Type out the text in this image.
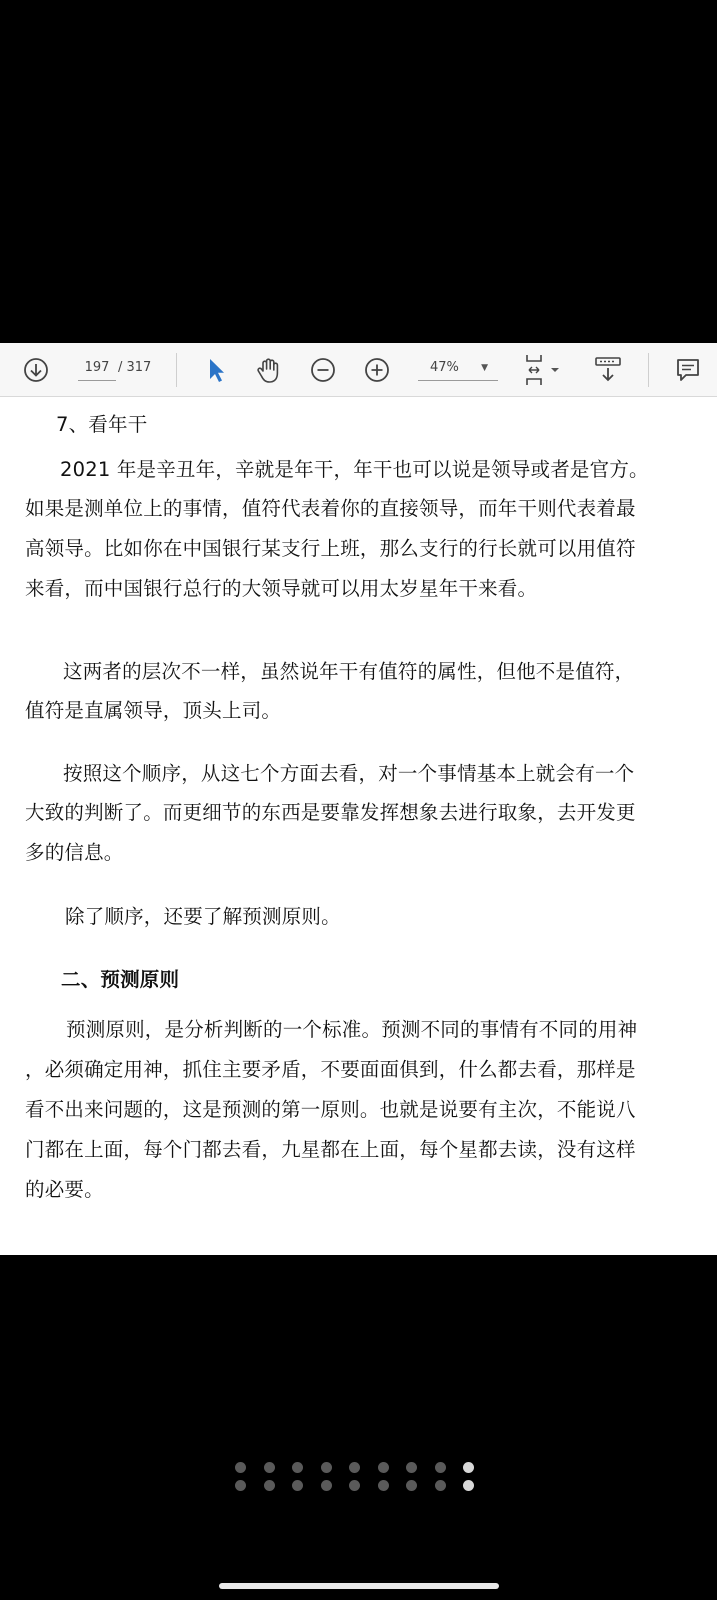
197 / 317	47% ▼
7、看年干
2021 年是辛丑年，辛就是年干，年干也可以说是领导或者是官方。
如果是测单位上的事情，值符代表着你的直接领导，而年干则代表着最
高领导。比如你在中国银行某支行上班，那么支行的行长就可以用值符
来看，而中国银行总行的大领导就可以用太岁星年干来看。
这两者的层次不一样，虽然说年干有值符的属性，但他不是值符，
值符是直属领导，顶头上司。
按照这个顺序，从这七个方面去看，对一个事情基本上就会有一个
大致的判断了。而更细节的东西是要靠发挥想象去进行取象，去开发更
多的信息。
除了顺序，还要了解预测原则。
二、预测原则
预测原则，是分析判断的一个标准。预测不同的事情有不同的用神
，必须确定用神，抓住主要矛盾，不要面面俱到，什么都去看，那样是
看不出来问题的，这是预测的第一原则。也就是说要有主次，不能说八
门都在上面，每个门都去看，九星都在上面，每个星都去读，没有这样
的必要。
